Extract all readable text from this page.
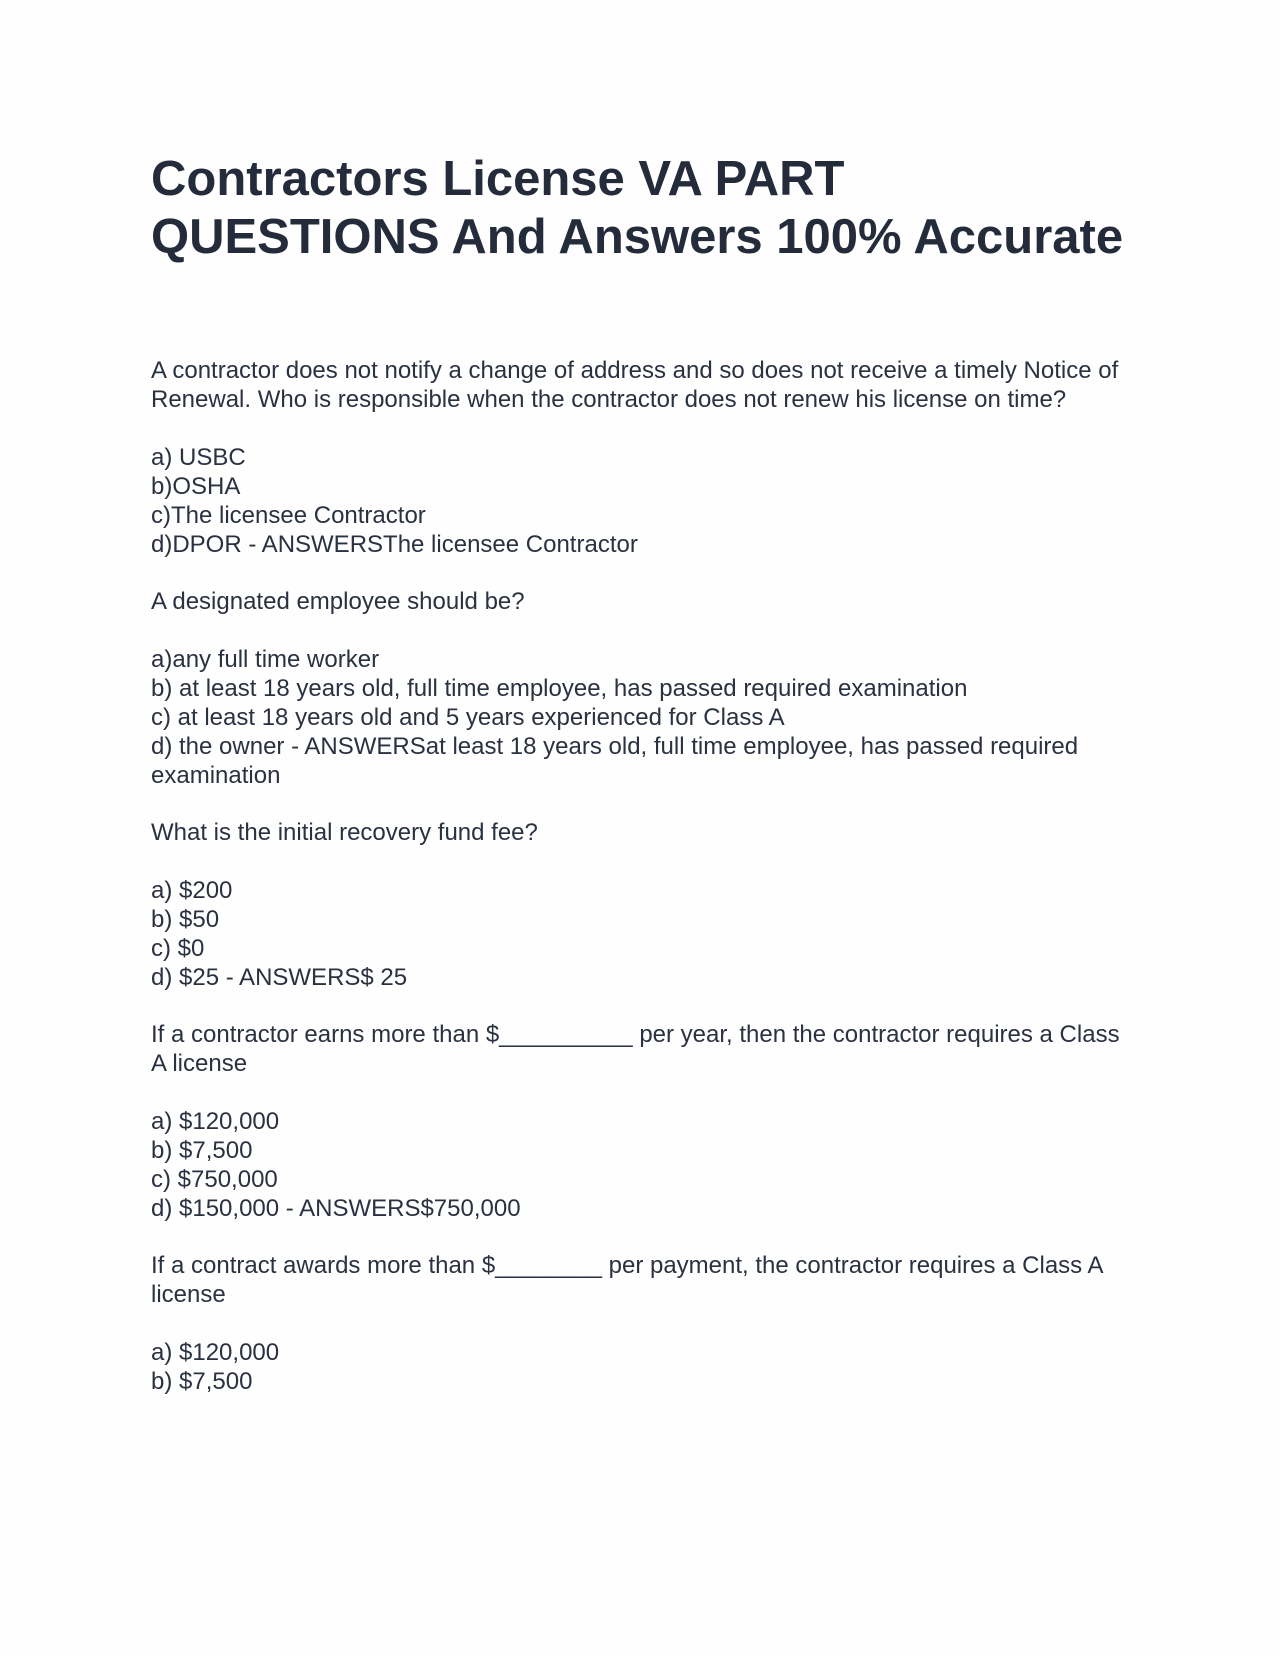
Contractors License VA PART QUESTIONS And Answers 100% Accurate

A contractor does not notify a change of address and so does not receive a timely Notice of Renewal. Who is responsible when the contractor does not renew his license on time?

a) USBC

b)OSHA

c)The licensee Contractor

d)DPOR - ANSWERSThe licensee Contractor

A designated employee should be?

a)any full time worker

b) at least 18 years old, full time employee, has passed required examination

c) at least 18 years old and 5 years experienced for Class A

d) the owner - ANSWERSat least 18 years old, full time employee, has passed required examination

What is the initial recovery fund fee?

a) $200

b) $50

c) $0

d) $25 - ANSWERS$ 25

If a contractor earns more than $__________ per year, then the contractor requires a Class A license

a) $120,000

b) $7,500

c) $750,000

d) $150,000 - ANSWERS$750,000

If a contract awards more than $________ per payment, the contractor requires a Class A license

a) $120,000

b) $7,500
